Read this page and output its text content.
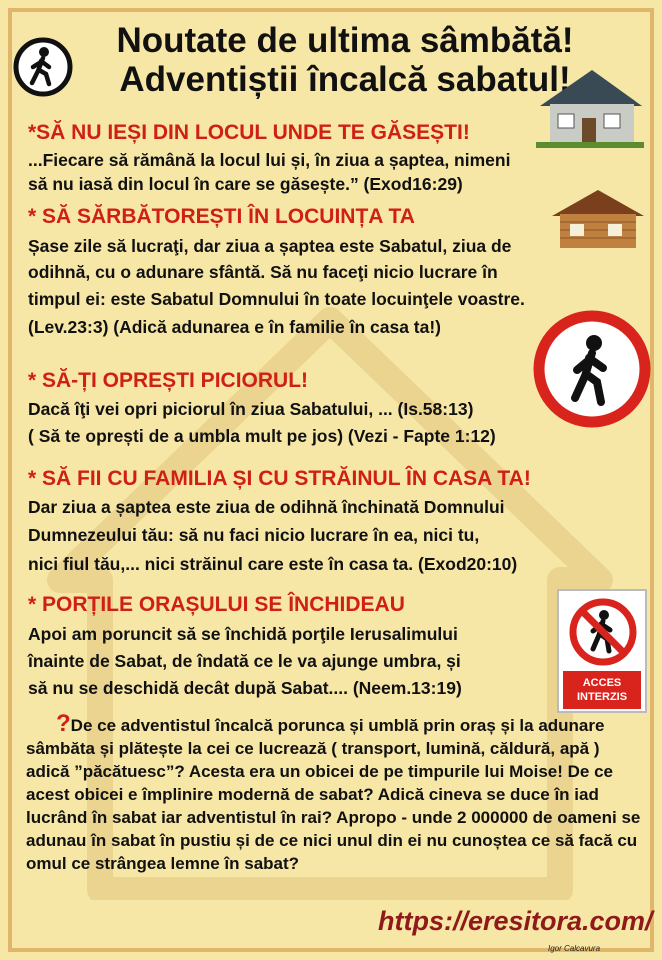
Noutate de ultima sâmbătă!
Adventiștii încalcă sabatul!
*SĂ NU IEȘI DIN LOCUL UNDE TE GĂSEȘTI!
...Fiecare să rămână la locul lui și, în ziua a șaptea, nimeni
să nu iasă din locul în care se găsește.” (Exod16:29)
* SĂ SĂRBĂTOREȘTI ÎN LOCUINȚA TA
Șase zile să lucraţi, dar ziua a șaptea este Sabatul, ziua de
odihnă, cu o adunare sfântă. Să nu faceţi nicio lucrare în
timpul ei: este Sabatul Domnului în toate locuinţele voastre.
(Lev.23:3) (Adică adunarea e în familie în casa ta!)
* SĂ-ȚI OPREȘTI PICIORUL!
Dacă îţi vei opri piciorul în ziua Sabatului, ... (Is.58:13)
( Să te oprești de a umbla mult pe jos) (Vezi - Fapte 1:12)
* SĂ FII CU FAMILIA ȘI CU STRĂINUL ÎN CASA TA!
Dar ziua a șaptea este ziua de odihnă închinată Domnului
Dumnezeului tău: să nu faci nicio lucrare în ea, nici tu,
nici fiul tău,... nici străinul care este în casa ta. (Exod20:10)
ACCES
INTERZIS
* PORȚILE ORAȘULUI SE ÎNCHIDEAU
Apoi am poruncit să se închidă porţile Ierusalimului
înainte de Sabat, de îndată ce le va ajunge umbra, și
să nu se deschidă decât după Sabat.... (Neem.13:19)
?De ce adventistul încalcă porunca și umblă prin oraș și la adunare sâmbăta și plătește la cei ce lucrează ( transport, lumină, căldură, apă ) adică ”păcătuesc”? Acesta era un obicei de pe timpurile lui Moise! De ce acest obicei e împlinire modernă de sabat? Adică cineva se duce în iad lucrând în sabat iar adventistul în rai? Apropo - unde 2 000000 de oameni se adunau în sabat în pustiu și de ce nici unul din ei nu cunoștea ce să facă cu omul ce strângea lemne în sabat?
https://eresitora.com/
Igor Calcavura
